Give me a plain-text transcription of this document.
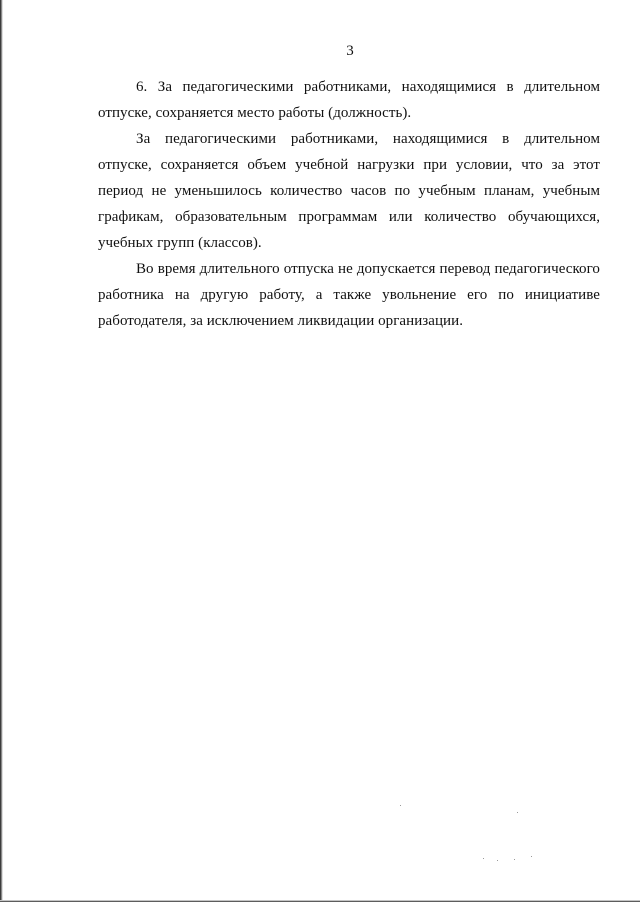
3

6. За педагогическими работниками, находящимися в длительном отпуске, сохраняется место работы (должность).

За педагогическими работниками, находящимися в длительном отпуске, сохраняется объем учебной нагрузки при условии, что за этот период не уменьшилось количество часов по учебным планам, учебным графикам, образовательным программам или количество обучающихся, учебных групп (классов).

Во время длительного отпуска не допускается перевод педагогического работника на другую работу, а также увольнение его по инициативе работодателя, за исключением ликвидации организации.
